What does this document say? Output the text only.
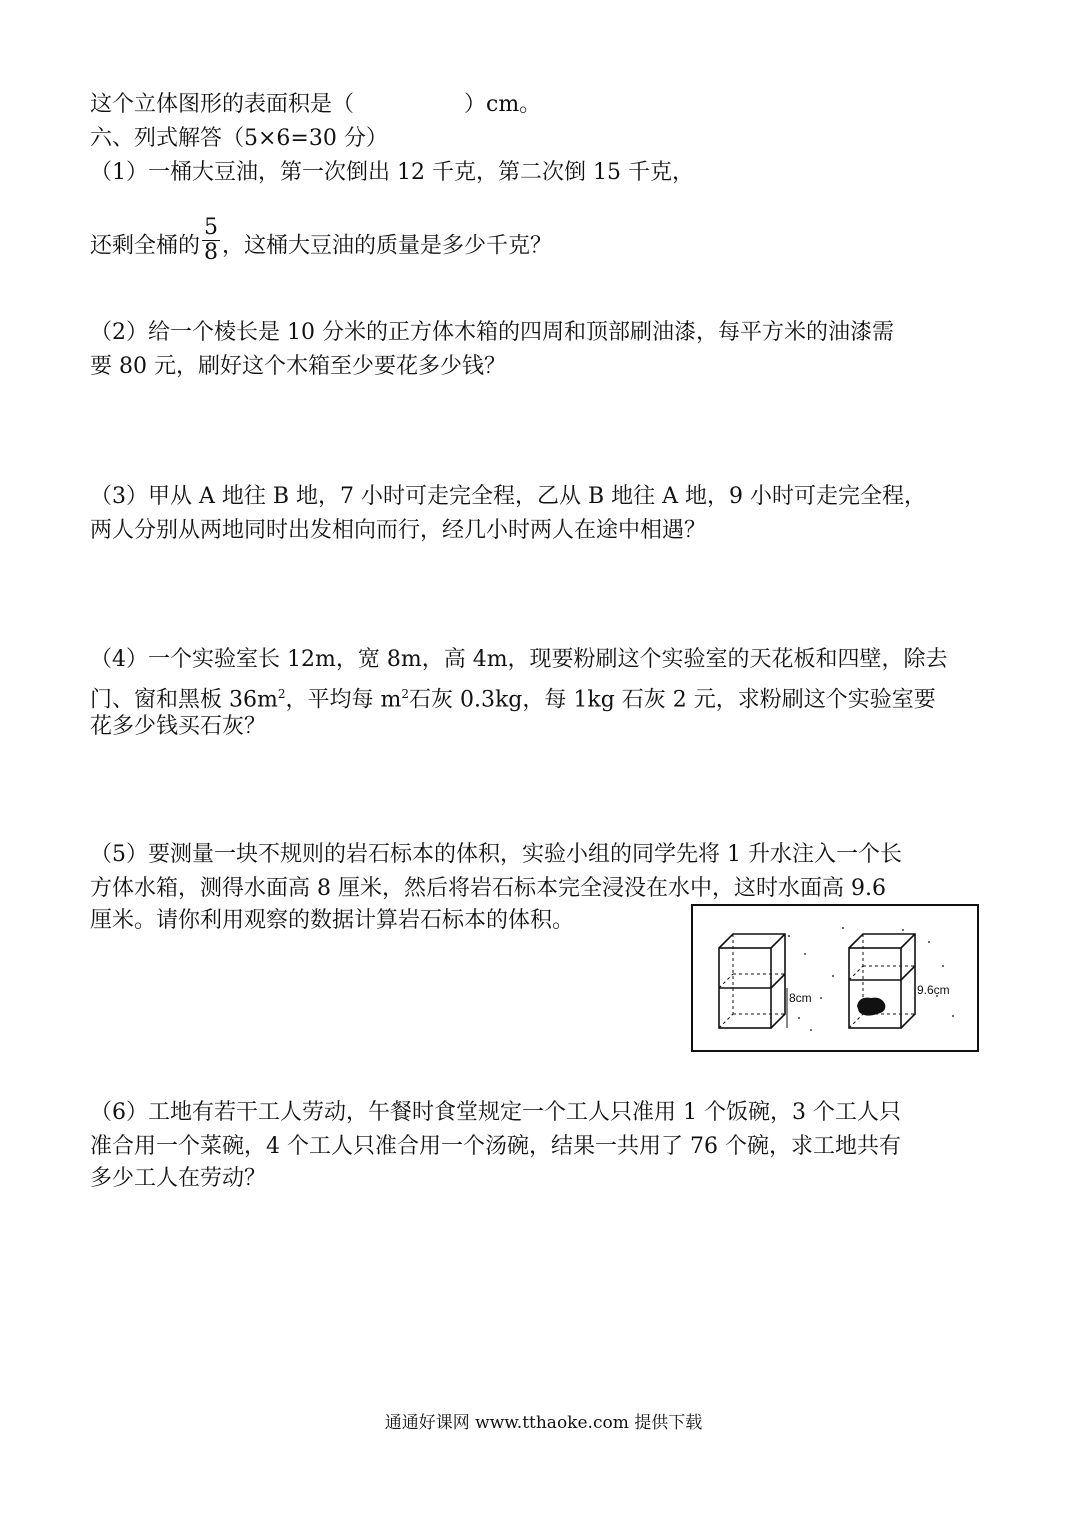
这个立体图形的表面积是（　　　　　）cm。
六、列式解答（5×6=30 分）
（1）一桶大豆油，第一次倒出 12 千克，第二次倒 15 千克，
还剩全桶的 $\frac{5}{8}$ ，这桶大豆油的质量是多少千克？
（2）给一个棱长是 10 分米的正方体木箱的四周和顶部刷油漆，每平方米的油漆需
要 80 元，刷好这个木箱至少要花多少钱？
（3）甲从 A 地往 B 地，7 小时可走完全程，乙从 B 地往 A 地，9 小时可走完全程，
两人分别从两地同时出发相向而行，经几小时两人在途中相遇？
（4）一个实验室长 12m，宽 8m，高 4m，现要粉刷这个实验室的天花板和四壁，除去
门、窗和黑板 $36m^2$，平均每 $m^2$石灰 0.3kg，每 1kg 石灰 2 元，求粉刷这个实验室要
花多少钱买石灰？
（5）要测量一块不规则的岩石标本的体积，实验小组的同学先将 1 升水注入一个长
方体水箱，测得水面高 8 厘米，然后将岩石标本完全浸没在水中，这时水面高 9.6
厘米。请你利用观察的数据计算岩石标本的体积。
8cm
9.6cm
（6）工地有若干工人劳动，午餐时食堂规定一个工人只准用 1 个饭碗，3 个工人只
准合用一个菜碗，4 个工人只准合用一个汤碗，结果一共用了 76 个碗，求工地共有
多少工人在劳动？
通通好课网 www.tthaoke.com 提供下载
